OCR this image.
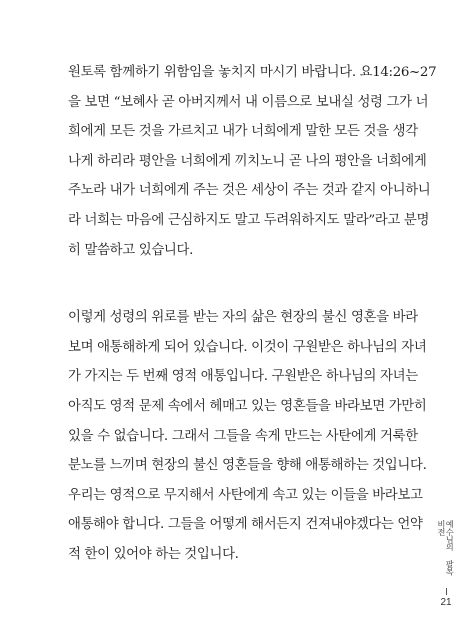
원토록 함께하기 위함임을 놓치지 마시기 바랍니다. 요14:26~27
을 보면 “보혜사 곧 아버지께서 내 이름으로 보내실 성령 그가 너
희에게 모든 것을 가르치고 내가 너희에게 말한 모든 것을 생각
나게 하리라 평안을 너희에게 끼치노니 곧 나의 평안을 너희에게
주노라 내가 너희에게 주는 것은 세상이 주는 것과 같지 아니하니
라 너희는 마음에 근심하지도 말고 두려워하지도 말라”라고 분명
히 말씀하고 있습니다.
이렇게 성령의 위로를 받는 자의 삶은 현장의 불신 영혼을 바라
보며 애통해하게 되어 있습니다. 이것이 구원받은 하나님의 자녀
가 가지는 두 번째 영적 애통입니다. 구원받은 하나님의 자녀는
아직도 영적 문제 속에서 헤매고 있는 영혼들을 바라보면 가만히
있을 수 없습니다. 그래서 그들을 속게 만드는 사탄에게 거룩한
분노를 느끼며 현장의 불신 영혼들을 향해 애통해하는 것입니다.
우리는 영적으로 무지해서 사탄에게 속고 있는 이들을 바라보고
애통해야 합니다. 그들을 어떻게 해서든지 건져내야겠다는 언약
적 한이 있어야 하는 것입니다.	예수님의 팔복 비전
21
